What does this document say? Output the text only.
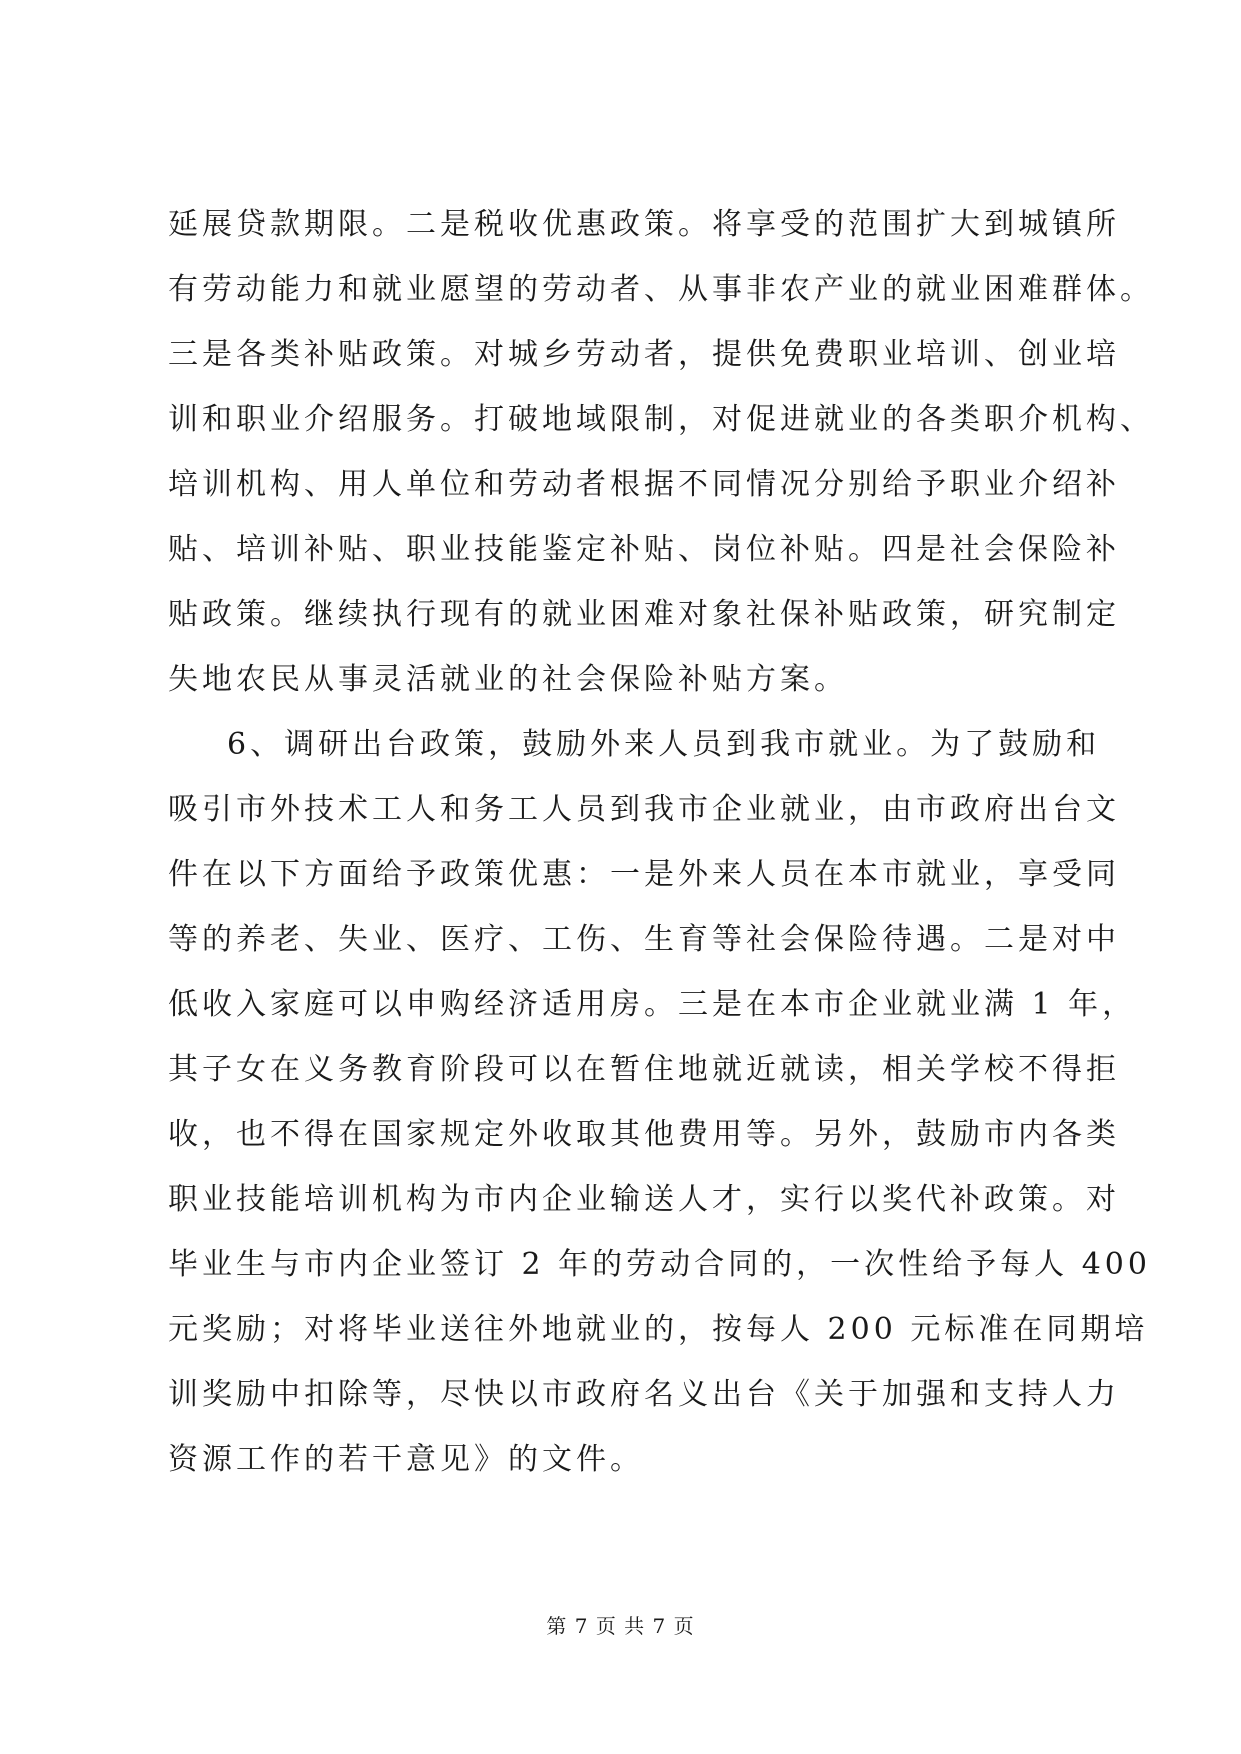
延展贷款期限。二是税收优惠政策。将享受的范围扩大到城镇所
有劳动能力和就业愿望的劳动者、从事非农产业的就业困难群体。
三是各类补贴政策。对城乡劳动者，提供免费职业培训、创业培
训和职业介绍服务。打破地域限制，对促进就业的各类职介机构、
培训机构、用人单位和劳动者根据不同情况分别给予职业介绍补
贴、培训补贴、职业技能鉴定补贴、岗位补贴。四是社会保险补
贴政策。继续执行现有的就业困难对象社保补贴政策，研究制定
失地农民从事灵活就业的社会保险补贴方案。
6、调研出台政策，鼓励外来人员到我市就业。为了鼓励和
吸引市外技术工人和务工人员到我市企业就业，由市政府出台文
件在以下方面给予政策优惠：一是外来人员在本市就业，享受同
等的养老、失业、医疗、工伤、生育等社会保险待遇。二是对中
低收入家庭可以申购经济适用房。三是在本市企业就业满 1 年，
其子女在义务教育阶段可以在暂住地就近就读，相关学校不得拒
收，也不得在国家规定外收取其他费用等。另外，鼓励市内各类
职业技能培训机构为市内企业输送人才，实行以奖代补政策。对
毕业生与市内企业签订 2 年的劳动合同的，一次性给予每人 400
元奖励；对将毕业送往外地就业的，按每人 200 元标准在同期培
训奖励中扣除等，尽快以市政府名义出台《关于加强和支持人力
资源工作的若干意见》的文件。
第 7 页 共 7 页
